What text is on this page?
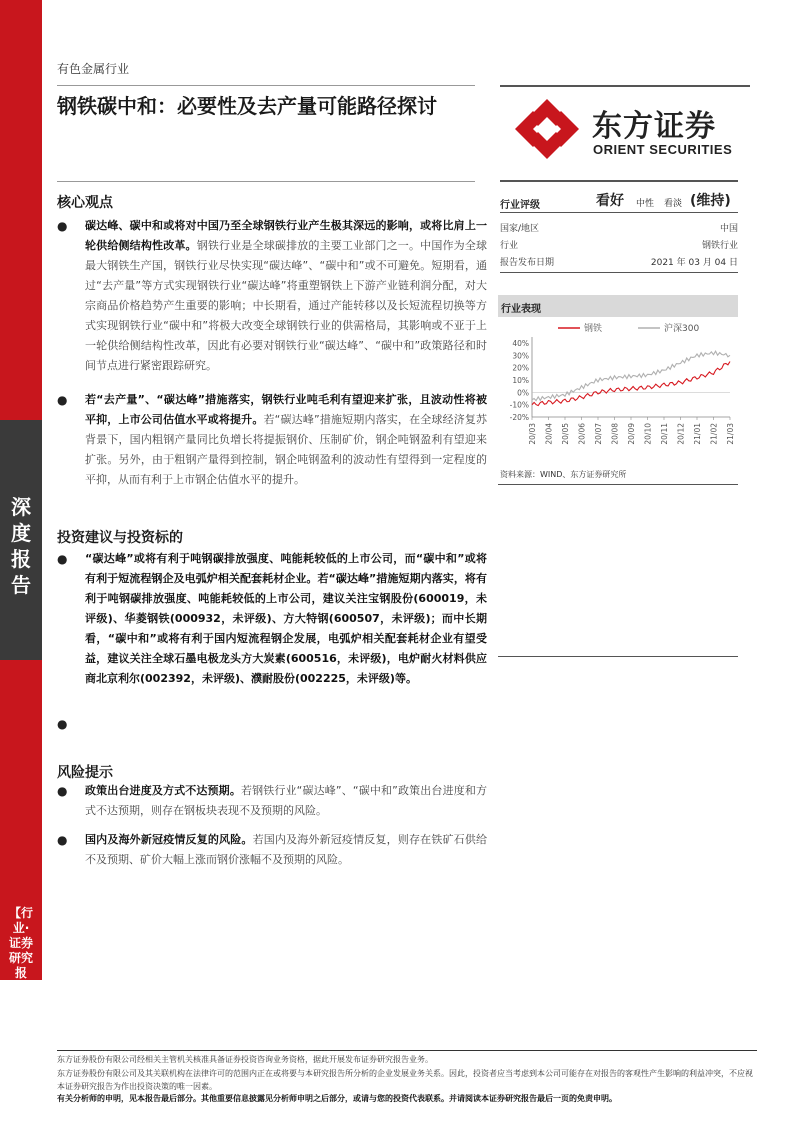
深度报告
【行业·证券研究报告】
有色金属行业
钢铁碳中和：必要性及去产量可能路径探讨
东方证券
ORIENT SECURITIES
核心观点
●	碳达峰、碳中和或将对中国乃至全球钢铁行业产生极其深远的影响，或将比肩上一轮供给侧结构性改革。钢铁行业是全球碳排放的主要工业部门之一。中国作为全球最大钢铁生产国，钢铁行业尽快实现“碳达峰”、“碳中和”或不可避免。短期看，通过“去产量”等方式实现钢铁行业“碳达峰”将重塑钢铁上下游产业链利润分配，对大宗商品价格趋势产生重要的影响；中长期看，通过产能转移以及长短流程切换等方式实现钢铁行业“碳中和”将极大改变全球钢铁行业的供需格局，其影响或不亚于上一轮供给侧结构性改革，因此有必要对钢铁行业“碳达峰”、“碳中和”政策路径和时间节点进行紧密跟踪研究。
●	若“去产量”、“碳达峰”措施落实，钢铁行业吨毛利有望迎来扩张，且波动性将被平抑，上市公司估值水平或将提升。若“碳达峰”措施短期内落实，在全球经济复苏背景下，国内粗钢产量同比负增长将提振钢价、压制矿价，钢企吨钢盈利有望迎来扩张。另外，由于粗钢产量得到控制，钢企吨钢盈利的波动性有望得到一定程度的平抑，从而有利于上市钢企估值水平的提升。
投资建议与投资标的
●	“碳达峰”或将有利于吨钢碳排放强度、吨能耗较低的上市公司，而“碳中和”或将有利于短流程钢企及电弧炉相关配套耗材企业。若“碳达峰”措施短期内落实，将有利于吨钢碳排放强度、吨能耗较低的上市公司，建议关注宝钢股份(600019，未评级)、华菱钢铁(000932，未评级)、方大特钢(600507，未评级)；而中长期看，“碳中和”或将有利于国内短流程钢企发展，电弧炉相关配套耗材企业有望受益，建议关注全球石墨电极龙头方大炭素(600516，未评级)，电炉耐火材料供应商北京利尔(002392，未评级)、濮耐股份(002225，未评级)等。
●
风险提示
●	政策出台进度及方式不达预期。若钢铁行业“碳达峰”、“碳中和”政策出台进度和方式不达预期，则存在钢板块表现不及预期的风险。
●	国内及海外新冠疫情反复的风险。若国内及海外新冠疫情反复，则存在铁矿石供给不及预期、矿价大幅上涨而钢价涨幅不及预期的风险。
行业评级	看好 中性 看淡 (维持)
国家/地区	中国
行业	钢铁行业
报告发布日期	2021 年 03 月 04 日
行业表现
钢铁	沪深300
40%
30%
20%
10%
0%
-10%
-20%
20/03 20/04 20/05 20/06 20/07 20/08 20/09 20/10 20/11 20/12 21/01 21/02 21/03
资料来源：WIND、东方证券研究所
东方证券股份有限公司经相关主管机关核准具备证券投资咨询业务资格，据此开展发布证券研究报告业务。
东方证券股份有限公司及其关联机构在法律许可的范围内正在或将要与本研究报告所分析的企业发展业务关系。因此，投资者应当考虑到本公司可能存在对报告的客观性产生影响的利益冲突，不应视本证券研究报告为作出投资决策的唯一因素。
有关分析师的申明，见本报告最后部分。其他重要信息披露见分析师申明之后部分，或请与您的投资代表联系。并请阅读本证券研究报告最后一页的免责申明。
